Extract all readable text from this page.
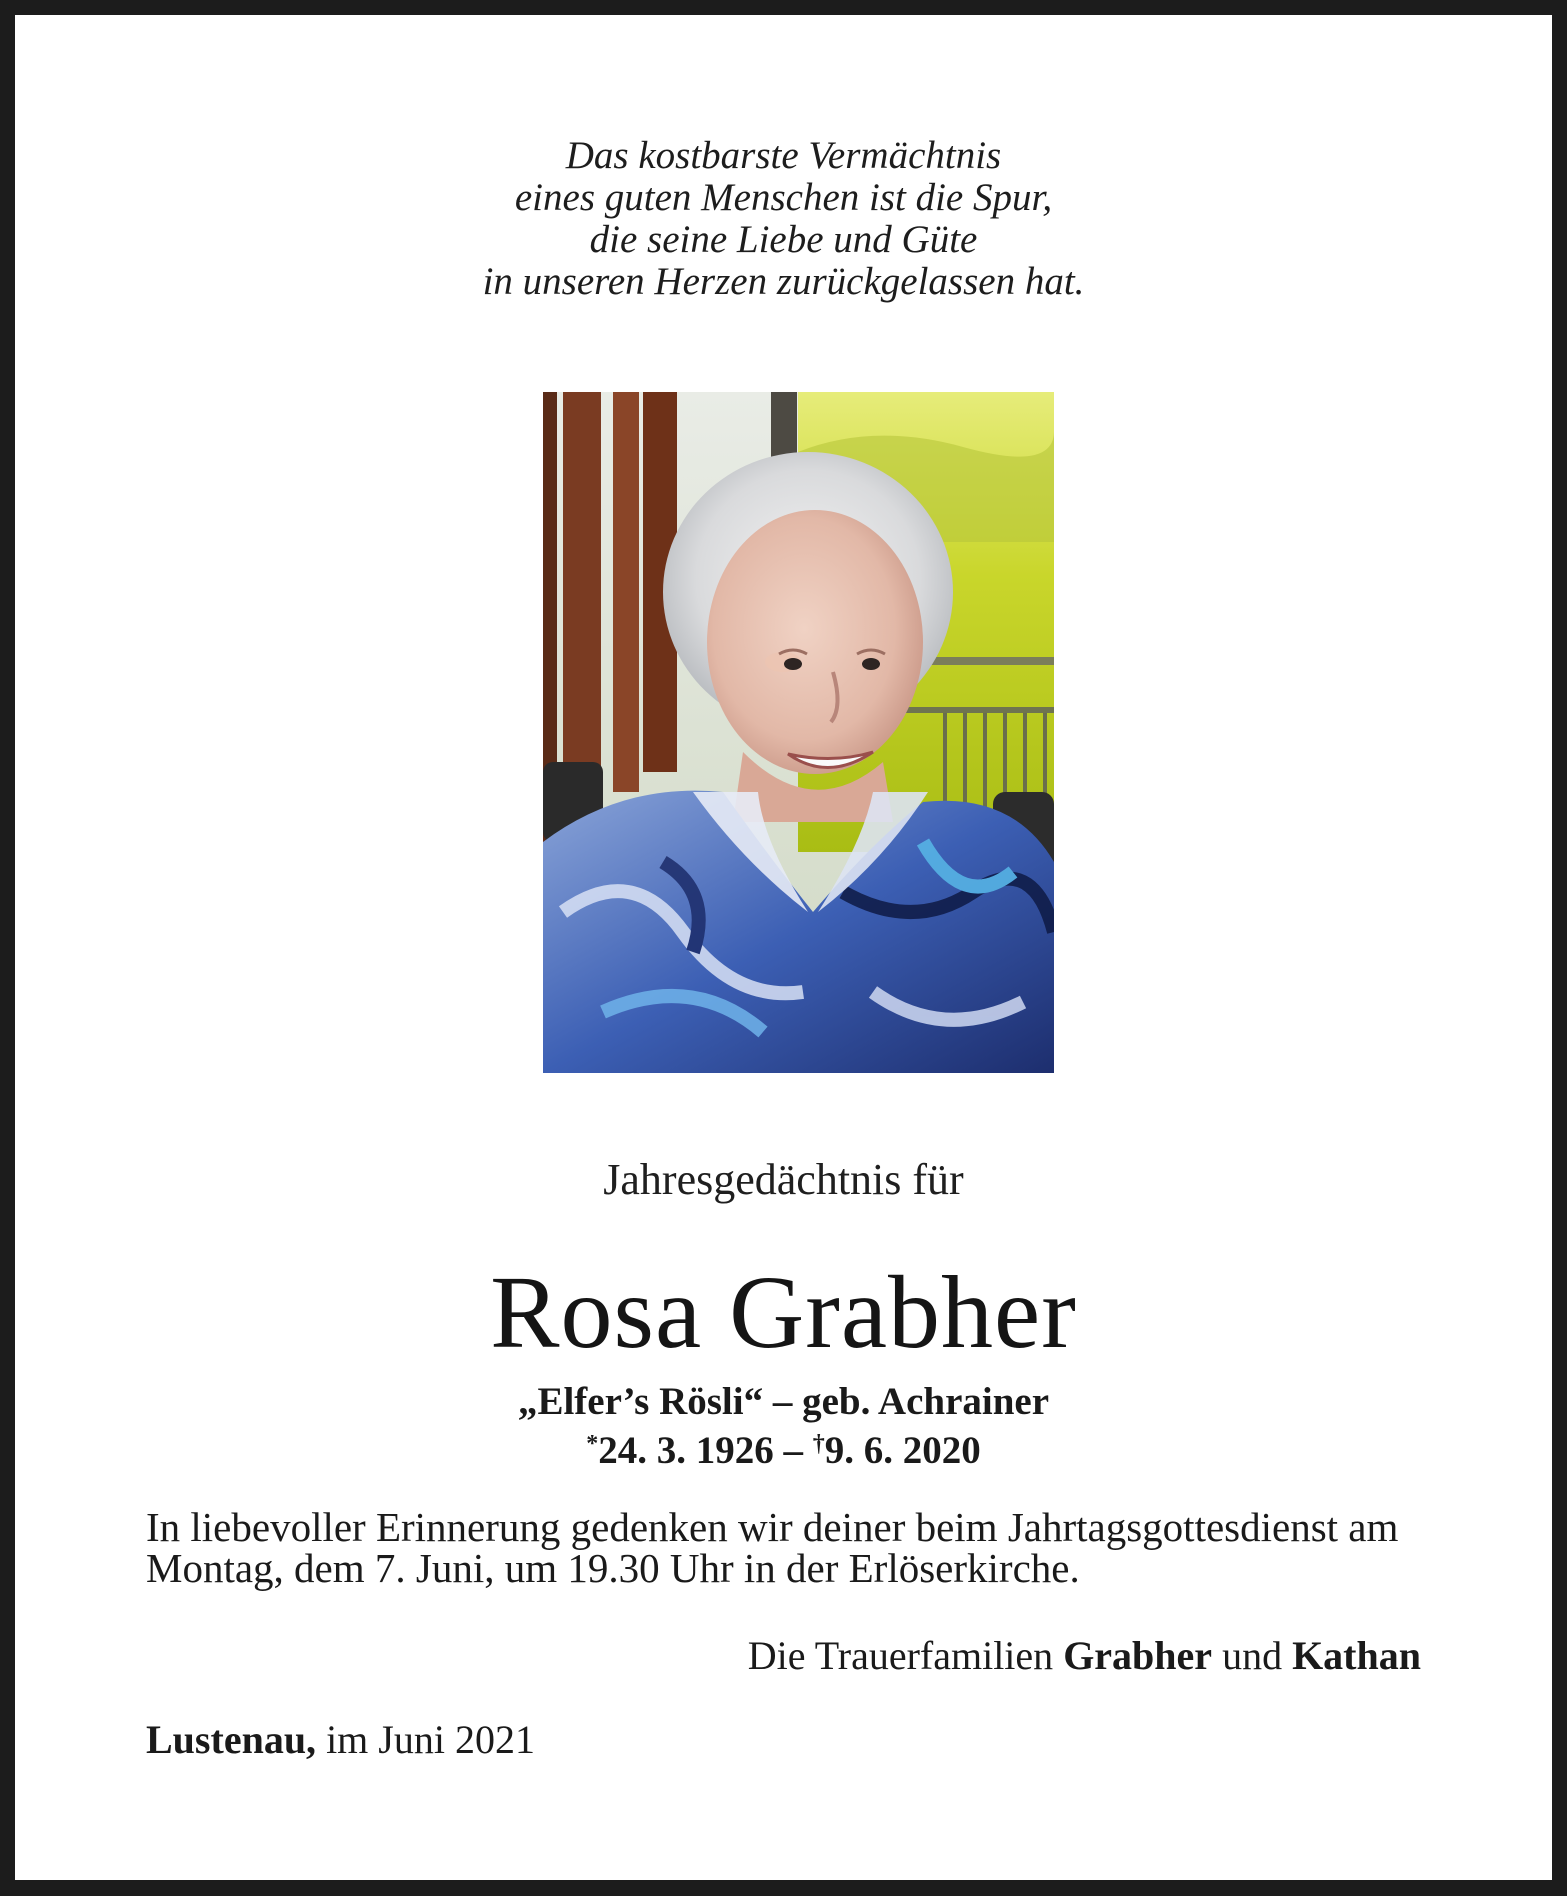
Das kostbarste Vermächtnis
eines guten Menschen ist die Spur,
die seine Liebe und Güte
in unseren Herzen zurückgelassen hat.
Jahresgedächtnis für
Rosa Grabher
„Elfer’s Rösli“ – geb. Achrainer
*24. 3. 1926 – †9. 6. 2020
In liebevoller Erinnerung gedenken wir deiner beim Jahrtagsgottesdienst am
Montag, dem 7. Juni, um 19.30 Uhr in der Erlöserkirche.
Die Trauerfamilien Grabher und Kathan
Lustenau, im Juni 2021
